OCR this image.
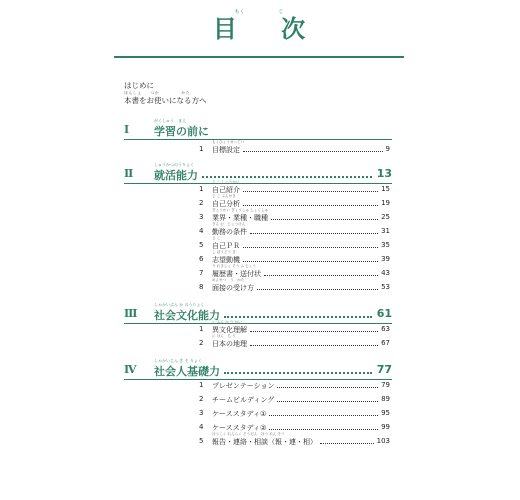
もく	じ
目 次
はじめに
ほんしょ　　つか　　　　　かた
本書をお使いになる方へ
がくしゅう　まえ
Ⅰ 学習の前に
もくひょうせってい
1	目標設定	9
しゅうかつのうりょく
Ⅱ 就活能力	13
じ こ しょうかい
1	自己紹介	15
じ こ ぶんせき
2	自己分析	19
ぎょうかい ぎょうしゅ しょくしゅ
3	業界・業種・職種	25
きん む　じょうけん
4	勤務の条件	31
じ こ
5	自己ＰＲ	35
し ぼうどう き
6	志望動機	39
り れきしょ そう ふ じょう
7	履歴書・送付状	43
めんせつ　う　かた
8	面接の受け方	53
しゃかいぶん か のうりょく
Ⅲ 社会文化能力	61
い ぶん か り かい
1	異文化理解	63
に ほん　ち り
2	日本の地理	67
しゃかいじん き そ りょく
Ⅳ 社会人基礎力	77
1	プレゼンテーション	79
2	チームビルディング	89
3	ケーススタディ①	95
4	ケーススタディ②	99
ほうこく れんらく そうだん　ほう れん そう
5	報告・連絡・相談（報・連・相）	103
